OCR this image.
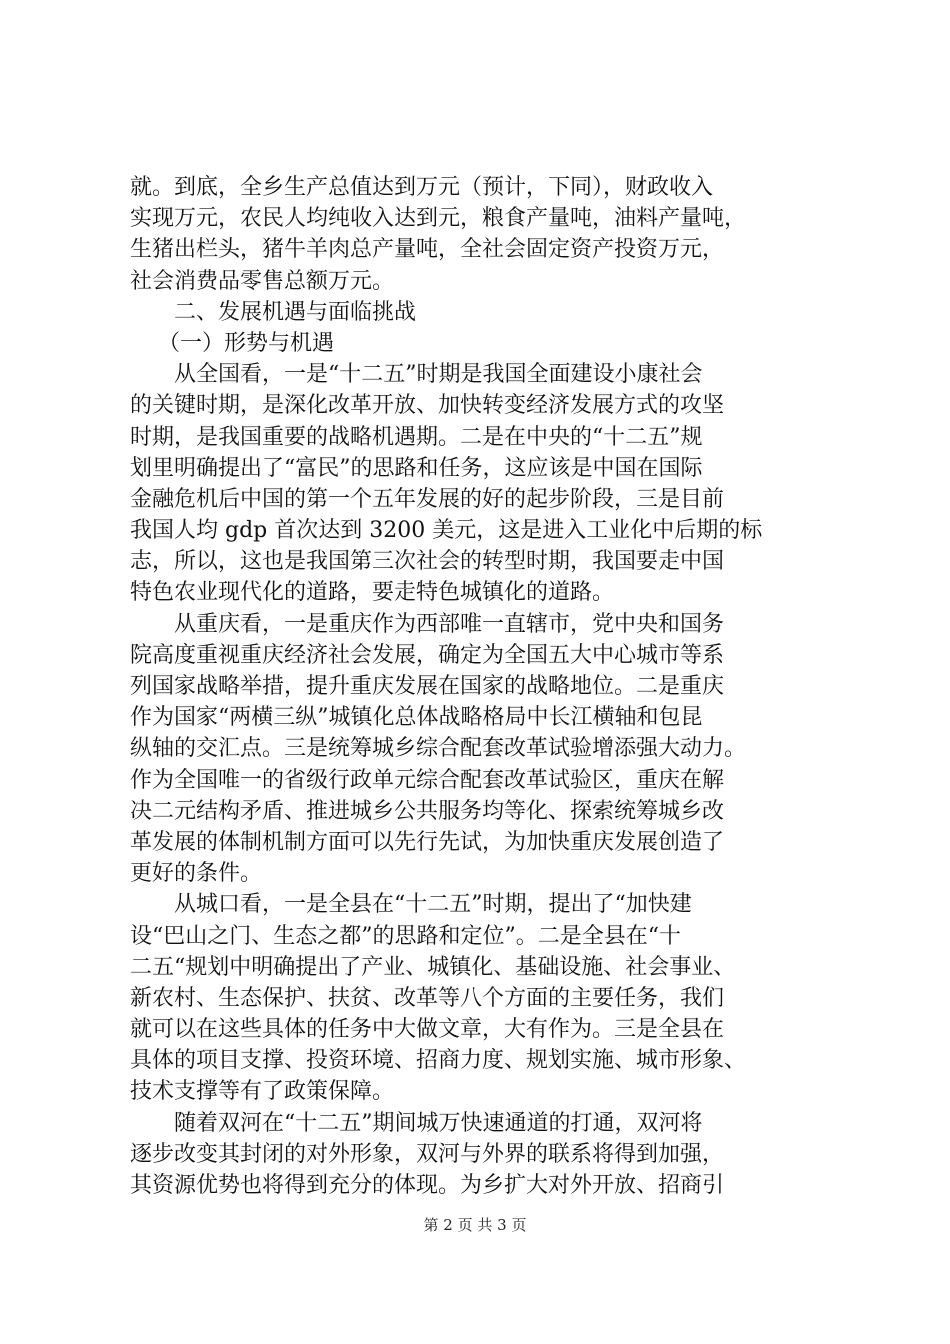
就。到底，全乡生产总值达到万元（预计，下同），财政收入
实现万元，农民人均纯收入达到元，粮食产量吨，油料产量吨，
生猪出栏头，猪牛羊肉总产量吨，全社会固定资产投资万元，
社会消费品零售总额万元。
二、发展机遇与面临挑战
（一）形势与机遇
从全国看，一是“十二五”时期是我国全面建设小康社会
的关键时期，是深化改革开放、加快转变经济发展方式的攻坚
时期，是我国重要的战略机遇期。二是在中央的“十二五”规
划里明确提出了“富民”的思路和任务，这应该是中国在国际
金融危机后中国的第一个五年发展的好的起步阶段，三是目前
我国人均 gdp 首次达到 3200 美元，这是进入工业化中后期的标
志，所以，这也是我国第三次社会的转型时期，我国要走中国
特色农业现代化的道路，要走特色城镇化的道路。
从重庆看，一是重庆作为西部唯一直辖市，党中央和国务
院高度重视重庆经济社会发展，确定为全国五大中心城市等系
列国家战略举措，提升重庆发展在国家的战略地位。二是重庆
作为国家“两横三纵”城镇化总体战略格局中长江横轴和包昆
纵轴的交汇点。三是统筹城乡综合配套改革试验增添强大动力。
作为全国唯一的省级行政单元综合配套改革试验区，重庆在解
决二元结构矛盾、推进城乡公共服务均等化、探索统筹城乡改
革发展的体制机制方面可以先行先试，为加快重庆发展创造了
更好的条件。
从城口看，一是全县在“十二五”时期，提出了“加快建
设“巴山之门、生态之都”的思路和定位”。二是全县在“十
二五“规划中明确提出了产业、城镇化、基础设施、社会事业、
新农村、生态保护、扶贫、改革等八个方面的主要任务，我们
就可以在这些具体的任务中大做文章，大有作为。三是全县在
具体的项目支撑、投资环境、招商力度、规划实施、城市形象、
技术支撑等有了政策保障。
随着双河在“十二五”期间城万快速通道的打通，双河将
逐步改变其封闭的对外形象，双河与外界的联系将得到加强，
其资源优势也将得到充分的体现。为乡扩大对外开放、招商引
第 2 页 共 3 页
